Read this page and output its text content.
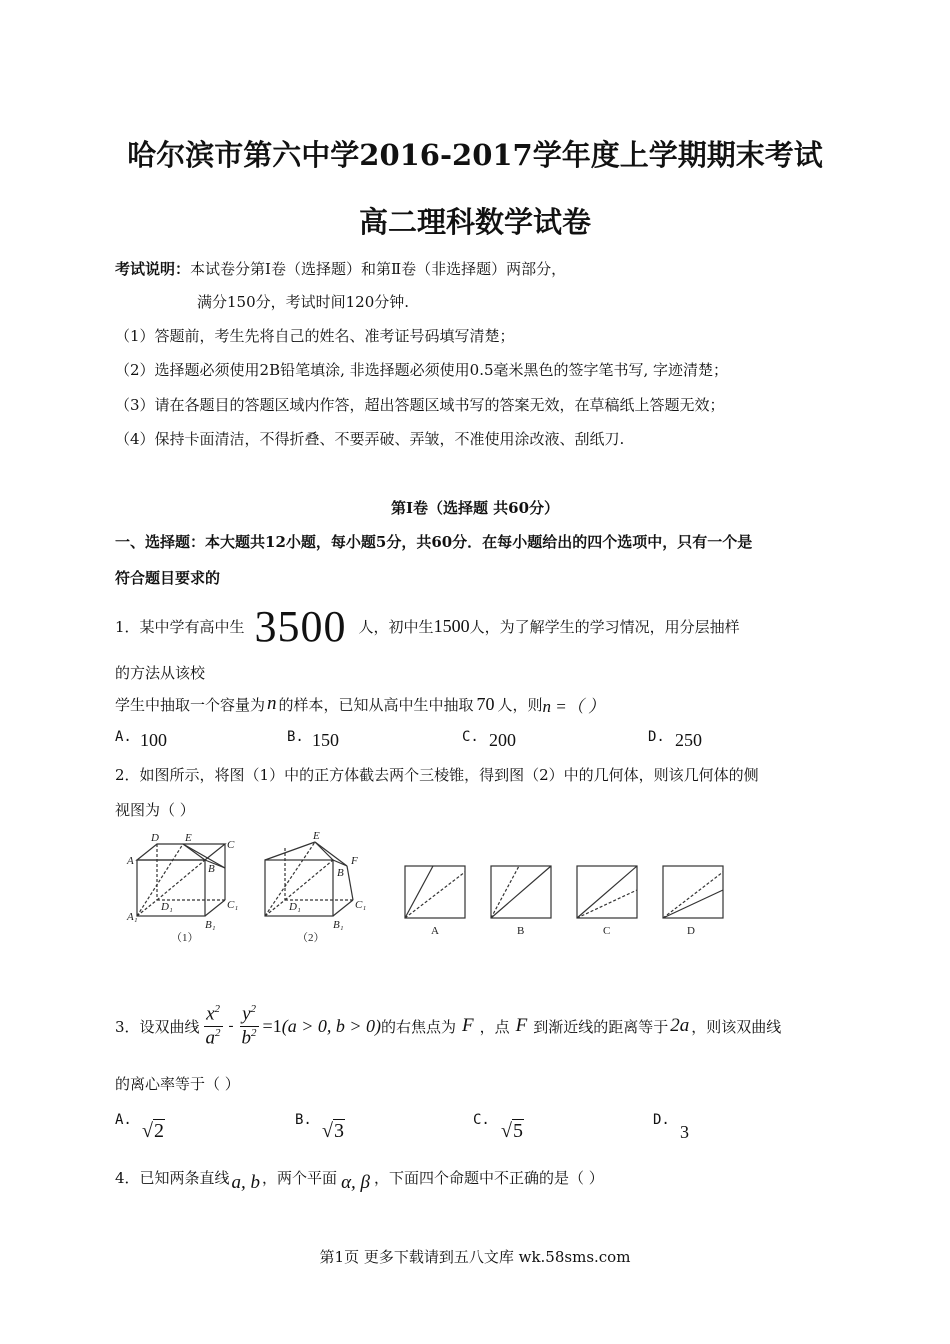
哈尔滨市第六中学2016-2017学年度上学期期末考试
高二理科数学试卷
考试说明：本试卷分第Ⅰ卷（选择题）和第Ⅱ卷（非选择题）两部分，
满分150分，考试时间120分钟.
（1）答题前，考生先将自己的姓名、准考证号码填写清楚；
（2）选择题必须使用2B铅笔填涂, 非选择题必须使用0.5毫米黑色的签字笔书写, 字迹清楚；
（3）请在各题目的答题区域内作答，超出答题区域书写的答案无效，在草稿纸上答题无效；
（4）保持卡面清洁，不得折叠、不要弄破、弄皱，不准使用涂改液、刮纸刀.
第Ⅰ卷（选择题 共60分）
一、选择题：本大题共12小题，每小题5分，共60分．在每小题给出的四个选项中，只有一个是
符合题目要求的
1．某中学有高中生 3500 人，初中生 1500 人，为了解学生的学习情况，用分层抽样
的方法从该校
学生中抽取一个容量为 n 的样本，已知从高中生中抽取 70 人，则 n =（ ）
A. 100	B. 150	C. 200	D. 250
2．如图所示，将图（1）中的正方体截去两个三棱锥，得到图（2）中的几何体，则该几何体的侧
视图为（ ）
A
A₁
D E
C
B
C₁
D₁
B₁
（1）
E
F
B
C₁
D₁
B₁
（2）
A	B	C	D
3．设双曲线 $\frac{x^2}{a^2} - \frac{y^2}{b^2} =1$ (a > 0, b > 0) 的右焦点为 F ，点 F 到渐近线的距离等于 2a ，则该双曲线
的离心率等于（ ）
A. √2	B. √3	C. √5	D.
3
4．已知两条直线 a, b ，两个平面 α, β ，下面四个命题中不正确的是（ ）
第1页 更多下载请到五八文库 wk.58sms.com
